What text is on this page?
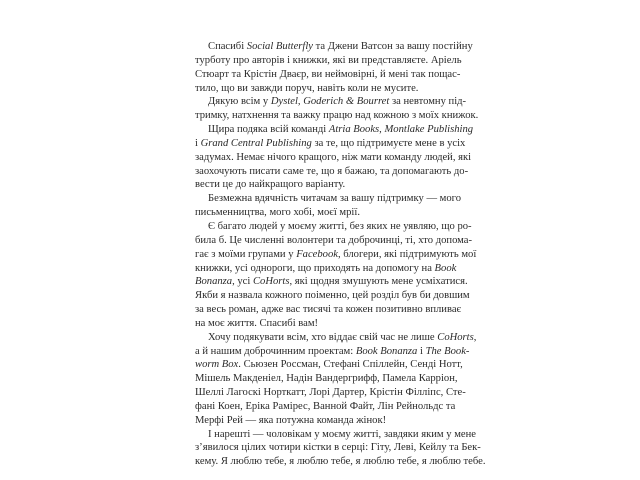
Спасибі Social Butterfly та Джени Ватсон за вашу постійну
турботу про авторів і книжки, які ви представляєте. Аріель
Стюарт та Крістін Дваєр, ви неймовірні, й мені так пощас-
тило, що ви завжди поруч, навіть коли не мусите.
Дякую всім у Dystel, Goderich & Bourret за невтомну під-
тримку, натхнення та важку працю над кожною з моїх книжок.
Щира подяка всій команді Atria Books, Montlake Publishing
і Grand Central Publishing за те, що підтримуєте мене в усіх
задумах. Немає нічого кращого, ніж мати команду людей, які
заохочують писати саме те, що я бажаю, та допомагають до-
вести це до найкращого варіанту.
Безмежна вдячність читачам за вашу підтримку — мого
письменництва, мого хобі, моєї мрії.
Є багато людей у моєму житті, без яких не уявляю, що ро-
била б. Це численні волонтери та доброчинці, ті, хто допома-
гає з моїми групами у Facebook, блогери, які підтримують мої
книжки, усі однороги, що приходять на допомогу на Book
Bonanza, усі CoHorts, які щодня змушують мене усміхатися.
Якби я назвала кожного поіменно, цей розділ був би довшим
за весь роман, адже вас тисячі та кожен позитивно впливає
на моє життя. Спасибі вам!
Хочу подякувати всім, хто віддає свій час не лише CoHorts,
а й нашим доброчинним проектам: Book Bonanza і The Book-
worm Box. Сьюзен Россман, Стефані Спіллейн, Сенді Нотт,
Мішель Макденіел, Надін Вандергрифф, Памела Карріон,
Шеллі Лагоскі Норткатт, Лорі Дартер, Крістін Філліпс, Сте-
фані Коен, Еріка Рамірес, Ванной Файт, Лін Рейнольдс та
Мерфі Рей — яка потужна команда жінок!
І нарешті — чоловікам у моєму житті, завдяки яким у мене
з’явилося цілих чотири кістки в серці: Гіту, Леві, Кейлу та Бек-
кему. Я люблю тебе, я люблю тебе, я люблю тебе, я люблю тебе.
